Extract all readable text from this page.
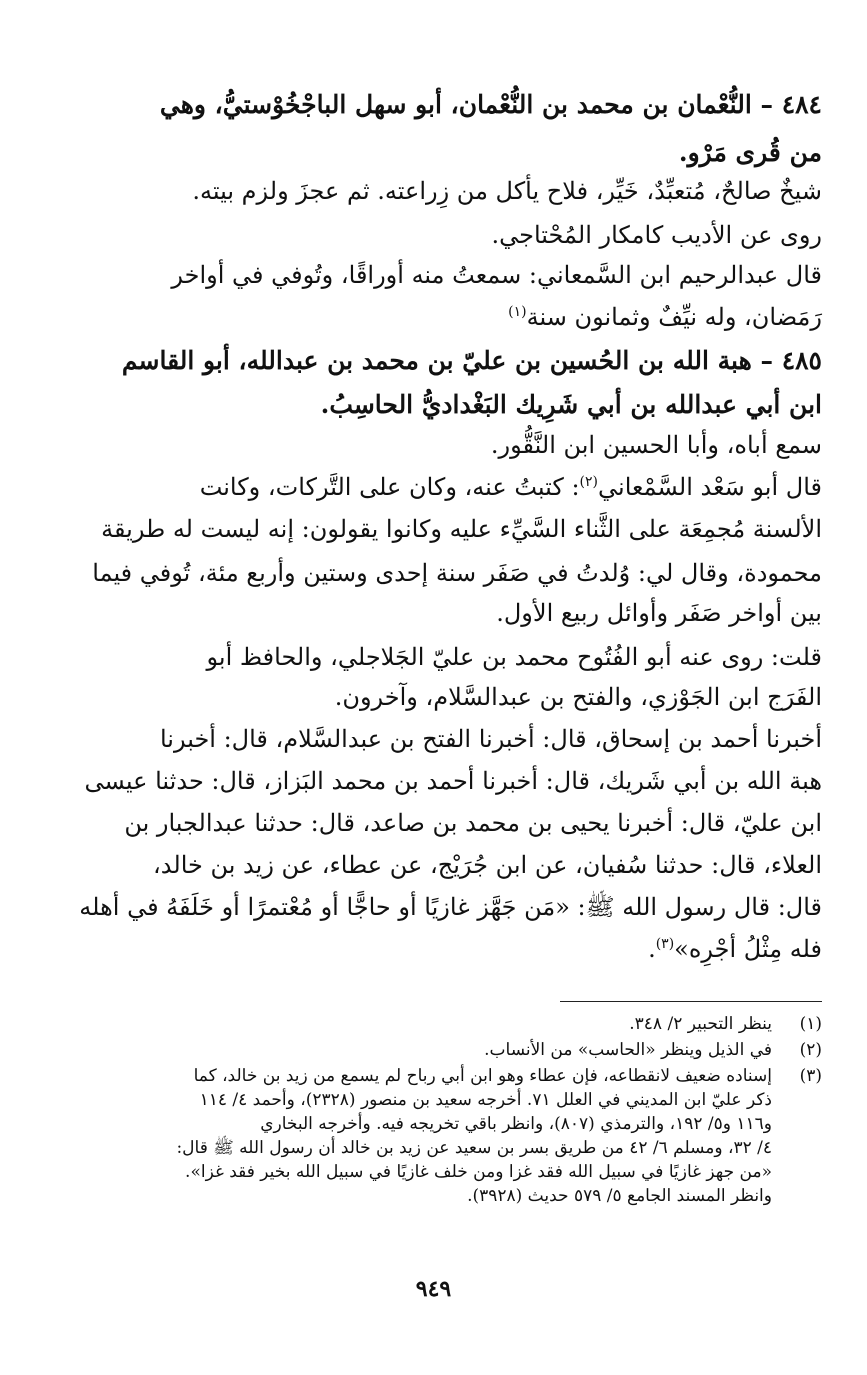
٤٨٤ – النُّعْمان بن محمد بن النُّعْمان، أبو سهل الباجْخُوْستيُّ، وهي
من قُرى مَرْو.
شيخٌ صالحٌ، مُتعبِّدٌ، خَيِّر، فلاح يأكل من زِراعته. ثم عجزَ ولزم بيته.
روى عن الأديب كامكار المُحْتاجي.
قال عبدالرحيم ابن السَّمعاني: سمعتُ منه أوراقًا، وتُوفي في أواخر
رَمَضان، وله نيِّفٌ وثمانون سنة$^{(١)}$
٤٨٥ – هبة الله بن الحُسين بن عليّ بن محمد بن عبدالله، أبو القاسم
ابن أبي عبدالله بن أبي شَرِيك البَغْداديُّ الحاسِبُ.
سمع أباه، وأبا الحسين ابن النَّقُّور.
قال أبو سَعْد السَّمْعاني$^{(٢)}$: كتبتُ عنه، وكان على التَّركات، وكانت
الألسنة مُجمِعَة على الثَّناء السَّيِّء عليه وكانوا يقولون: إنه ليست له طريقة
محمودة، وقال لي: وُلدتُ في صَفَر سنة إحدى وستين وأربع مئة، تُوفي فيما
بين أواخر صَفَر وأوائل ربيع الأول.
قلت: روى عنه أبو الفُتُوح محمد بن عليّ الجَلاجلي، والحافظ أبو
الفَرَج ابن الجَوْزي، والفتح بن عبدالسَّلام، وآخرون.
أخبرنا أحمد بن إسحاق، قال: أخبرنا الفتح بن عبدالسَّلام، قال: أخبرنا
هبة الله بن أبي شَريك، قال: أخبرنا أحمد بن محمد البَزاز، قال: حدثنا عيسى
ابن عليّ، قال: أخبرنا يحيى بن محمد بن صاعد، قال: حدثنا عبدالجبار بن
العلاء، قال: حدثنا سُفيان، عن ابن جُرَيْج، عن عطاء، عن زيد بن خالد،
قال: قال رسول الله ﷺ: «مَن جَهَّز غازيًا أو حاجًّا أو مُعْتمرًا أو خَلَفَهُ في أهله
فله مِثْلُ أجْرِه»$^{(٣)}$.
(١)
ينظر التحبير ٢/ ٣٤٨.
(٢)
في الذيل وينظر «الحاسب» من الأنساب.
(٣)
إسناده ضعيف لانقطاعه، فإن عطاء وهو ابن أبي رباح لم يسمع من زيد بن خالد، كما
ذكر عليّ ابن المديني في العلل ٧١. أخرجه سعيد بن منصور (٢٣٢٨)، وأحمد ٤/ ١١٤
و١١٦ و٥/ ١٩٢، والترمذي (٨٠٧)، وانظر باقي تخريجه فيه. وأخرجه البخاري
٤/ ٣٢، ومسلم ٦/ ٤٢ من طريق بسر بن سعيد عن زيد بن خالد أن رسول الله ﷺ قال:
«من جهز غازيًا في سبيل الله فقد غزا ومن خلف غازيًا في سبيل الله بخير فقد غزا».
وانظر المسند الجامع ٥/ ٥٧٩ حديث (٣٩٢٨).
٩٤٩
